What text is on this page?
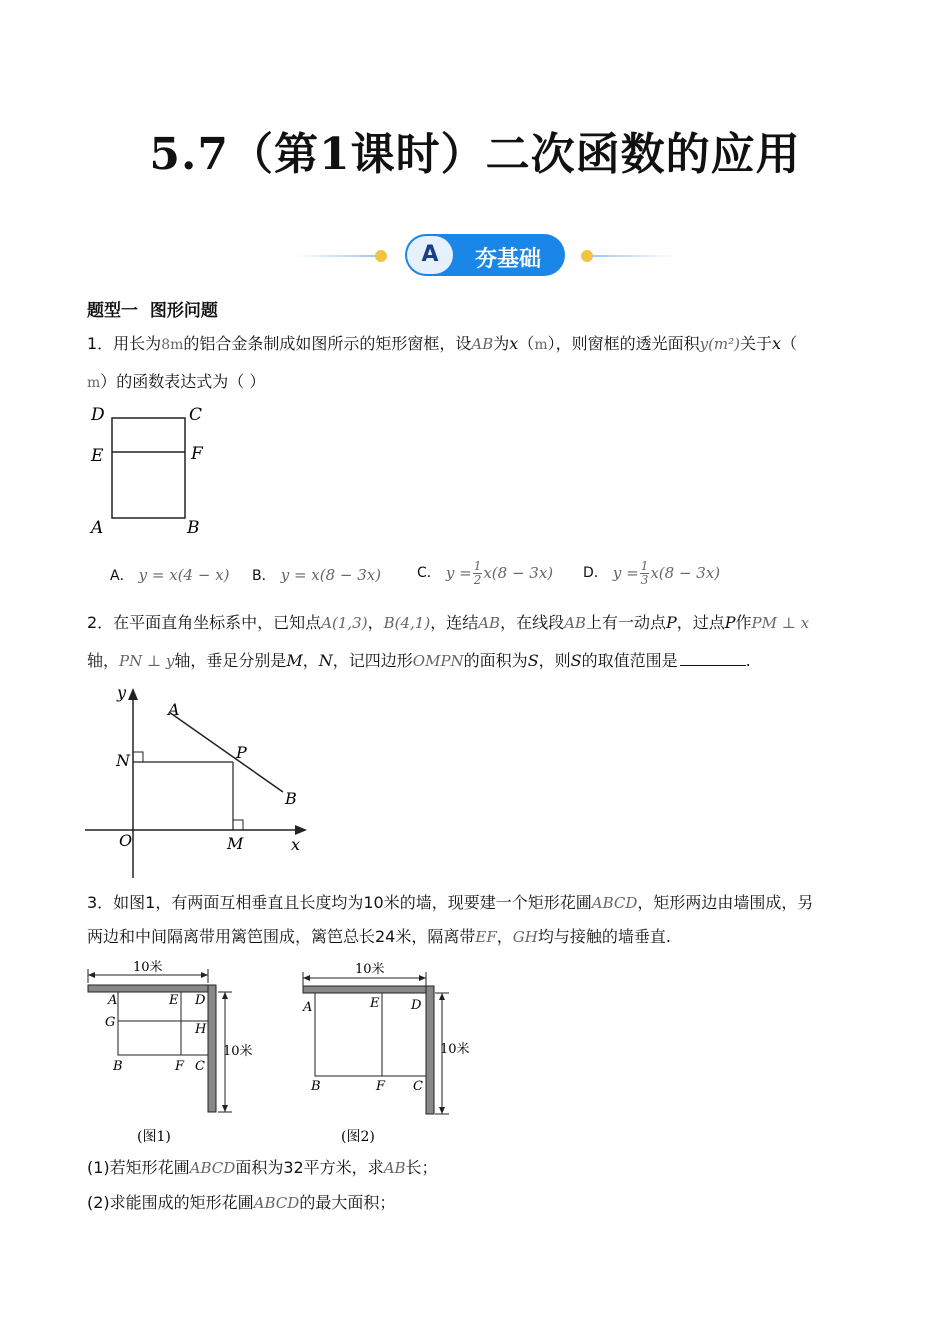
5.7（第1课时）二次函数的应用
A	夯基础
题型一  图形问题
1．用长为8m的铝合金条制成如图所示的矩形窗框，设AB为x（m），则窗框的透光面积y(m²)关于x（
m）的函数表达式为（ ）
D	C
E	F
A	B
A． y = x(4 − x) B． y = x(8 − 3x)	C．
$y = \frac{1}{2} x(8 - 3x)$ D．
$y = \frac{1}{3} x(8 - 3x)$
2．在平面直角坐标系中，已知点A(1,3)，B(4,1)，连结AB，在线段AB上有一动点P，过点P作PM ⊥ x
轴，PN ⊥ y轴，垂足分别是M，N，记四边形OMPN的面积为S，则S的取值范围是	.
y
x
O
A
B
P
N
M
3．如图1，有两面互相垂直且长度均为10米的墙，现要建一个矩形花圃ABCD，矩形两边由墙围成，另
两边和中间隔离带用篱笆围成，篱笆总长24米，隔离带EF，GH均与接触的墙垂直.
10米
10米
A	E D
G	H
B	F C
(图1)
10米
10米
A	E D
B	F C
(图2)
(1)若矩形花圃ABCD面积为32平方米，求AB长；
(2)求能围成的矩形花圃ABCD的最大面积；
